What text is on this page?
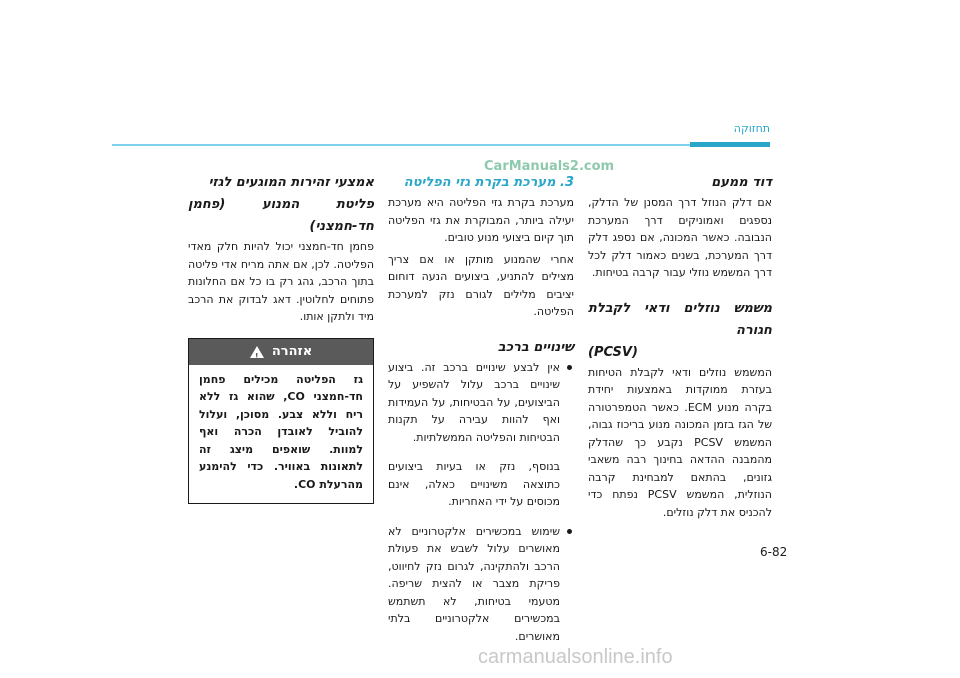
תחזוקה
CarManuals2.com

דוד ממעם

אם דלק הנוזל דרך המסנן של הדלק, נספגים ואמוניקים דרך המערכת הנבובה. כאשר המכונה, אם נספג דלק דרך המערכת, בשנים כאמור דלק לכל דרך המשמש נוזלי עבור קרבה בטיחות.

משמש נוזלים ודאי לקבלת חגורה

(PCSV)

המשמש נוזלים ודאי לקבלת הטיחות בעזרת ממוקדות באמצעות יחידת בקרה מנוע ECM. כאשר הטמפרטורה של הגז בזמן המכונה מנוע בריכוז גבוה, המשמש PCSV נקבע כך שהדלק מהמבנה ההדאה בחינוך רבה משאבי גזונים, בהתאם למבחינת קרבה הנוזלית, המשמש PCSV נפתח כדי להכניס את דלק נוזלים.

3. מערכת בקרת גזי הפליטה

מערכת בקרת גזי הפליטה היא מערכת יעילה ביותר, המבוקרת את גזי הפליטה תוך קיום ביצועי מנוע טובים.

אחרי שהמנוע מותקן או אם צריך מצילים להתניע, ביצועים הנעה דוחום יציבים מלילים לגורם נזק למערכת הפליטה.

שינויים ברכב

אין לבצע שינויים ברכב זה. ביצוע שינויים ברכב עלול להשפיע על הביצועים, על הבטיחות, על העמידות ואף להוות עבירה על תקנות הבטיחות והפליטה הממשלתיות.
בנוסף, נזק או בעיות ביצועים כתוצאה משינויים כאלה, אינם מכוסים על ידי האחריות.
שימוש במכשירים אלקטרוניים לא מאושרים עלול לשבש את פעולת הרכב ולהתקינה, לגרום נזק לחיווט, פריקת מצבר או להצית שריפה. מטעמי בטיחות, לא תשתמש במכשירים אלקטרוניים בלתי מאושרים.

אמצעי זהירות המוגעים לגזי

פליטת המנוע (פחמן חד-חמצני)

פחמן חד-חמצני יכול להיות חלק מאדי הפליטה. לכן, אם אתה מריח אדי פליטה בתוך הרכב, גהג רק בו כל אם החלונות פתוחים לחלוטין. דאג לבדוק את הרכב מיד ולתקן אותו.

אזהרה
!
גז הפליטה מכילים פחמן חד-חמצני CO, שהוא גז ללא ריח וללא צבע. מסוכן, ועלול להוביל לאובדן הכרה ואף למוות. שואפים מיצג זה לתאונות באוויר. כדי להימנע מהרעלת CO.
6-82
carmanualsonline.info
